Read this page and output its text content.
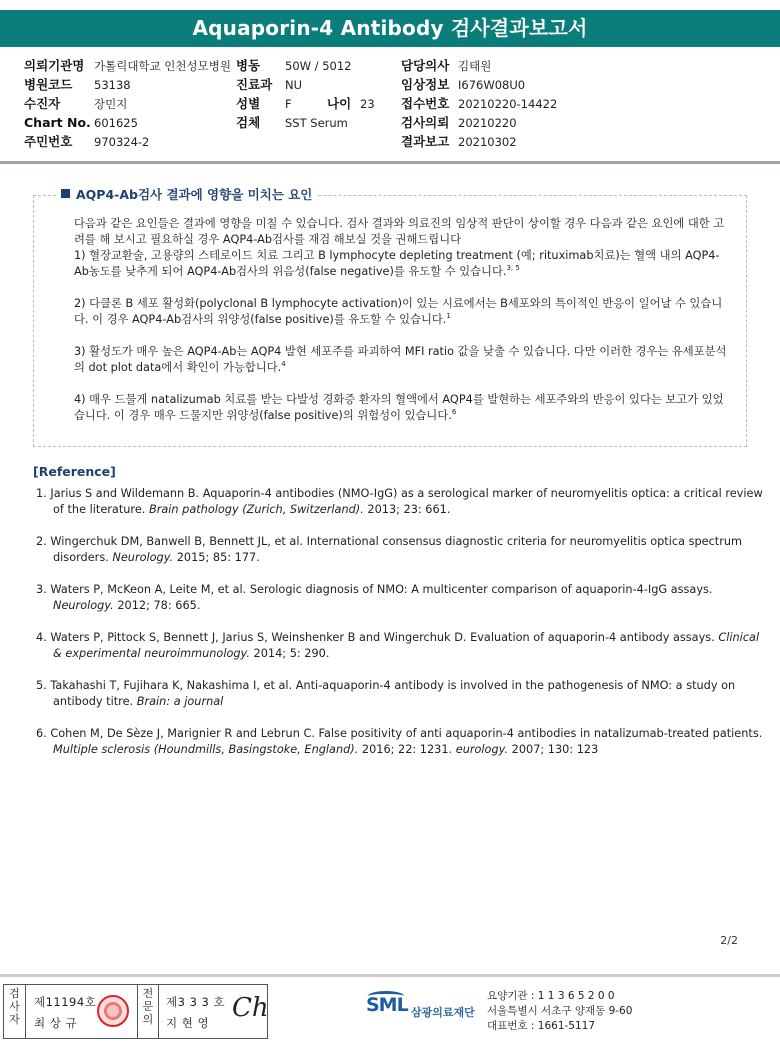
Aquaporin-4 Antibody 검사결과보고서
의뢰기관명 가톨릭대학교 인천성모병원 병동 50W / 5012	담당의사 김태원
병원코드 53138	진료과 NU	임상정보 I676W08U0
수진자	장민지	성별 F	나이 23 접수번호 20210220-14422
Chart No. 601625	검체 SST Serum	검사의뢰 20210220
주민번호 970324-2	결과보고 20210302
AQP4-Ab검사 결과에 영향을 미치는 요인
다음과 같은 요인들은 결과에 영향을 미칠 수 있습니다. 검사 결과와 의료진의 임상적 판단이 상이할 경우 다음과 같은 요인에 대한 고려를 해 보시고 필요하실 경우 AQP4-Ab검사를 재검 해보실 것을 권해드립니다
1) 혈장교환술, 고용량의 스테로이드 치료 그리고 B lymphocyte depleting treatment (예; rituximab치료)는 혈액 내의 AQP4-Ab농도를 낮추게 되어 AQP4-Ab검사의 위음성(false negative)를 유도할 수 있습니다.$^{3, 5}$
2) 다클론 B 세포 활성화(polyclonal B lymphocyte activation)이 있는 시료에서는 B세포와의 특이적인 반응이 일어날 수 있습니다. 이 경우 AQP4-Ab검사의 위양성(false positive)를 유도할 수 있습니다.$^1$
3) 활성도가 매우 높은 AQP4-Ab는 AQP4 발현 세포주를 파괴하여 MFI ratio 값을 낮출 수 있습니다. 다만 이러한 경우는 유세포분석의 dot plot data에서 확인이 가능합니다.$^4$
4) 매우 드물게 natalizumab 치료를 받는 다발성 경화증 환자의 혈액에서 AQP4를 발현하는 세포주와의 반응이 있다는 보고가 있었습니다. 이 경우 매우 드물지만 위양성(false positive)의 위험성이 있습니다.$^6$
[Reference]
1. Jarius S and Wildemann B. Aquaporin-4 antibodies (NMO-IgG) as a serological marker of neuromyelitis optica: a critical review of the literature. Brain pathology (Zurich, Switzerland). 2013; 23: 661.
2. Wingerchuk DM, Banwell B, Bennett JL, et al. International consensus diagnostic criteria for neuromyelitis optica spectrum disorders. Neurology. 2015; 85: 177.
3. Waters P, McKeon A, Leite M, et al. Serologic diagnosis of NMO: A multicenter comparison of aquaporin-4-IgG assays. Neurology. 2012; 78: 665.
4. Waters P, Pittock S, Bennett J, Jarius S, Weinshenker B and Wingerchuk D. Evaluation of aquaporin-4 antibody assays. Clinical & experimental neuroimmunology. 2014; 5: 290.
5. Takahashi T, Fujihara K, Nakashima I, et al. Anti-aquaporin-4 antibody is involved in the pathogenesis of NMO: a study on antibody titre. Brain: a journal
6. Cohen M, De Sèze J, Marignier R and Lebrun C. False positivity of anti aquaporin-4 antibodies in natalizumab-treated patients. Multiple sclerosis (Houndmills, Basingstoke, England). 2016; 22: 1231. eurology. 2007; 130: 123
2/2
검사자
제11194호
최 상 규
전문의
제3 3 3 호
지 현 영 Ch	SML 삼광의료재단
요양기관 : 1 1 3 6 5 2 0 0
서울특별시 서초구 양재동 9-60
대표번호 : 1661-5117
